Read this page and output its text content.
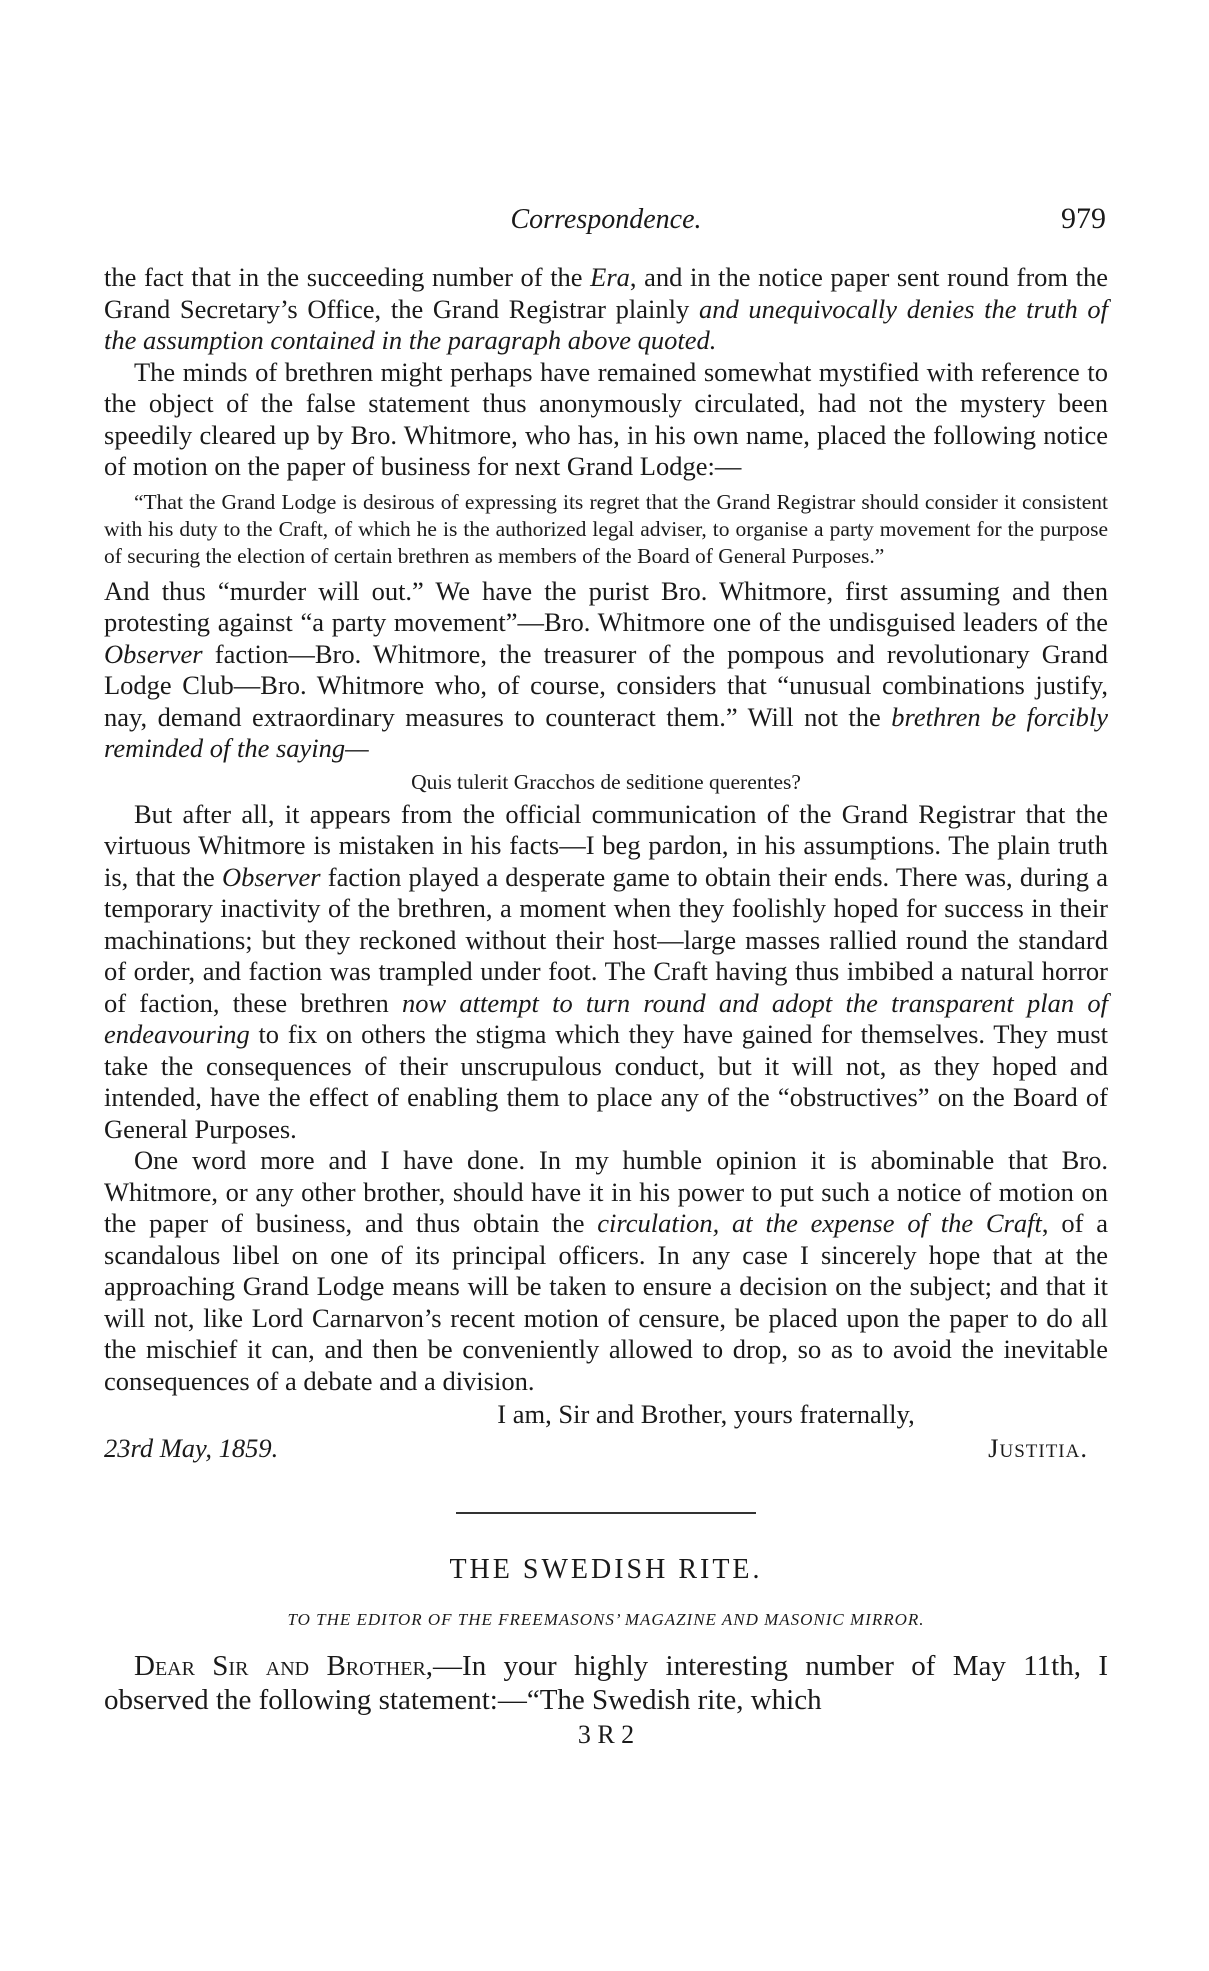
Correspondence.	979

the fact that in the succeeding number of the Era, and in the notice paper sent round from the Grand Secretary’s Office, the Grand Registrar plainly and unequivocally denies the truth of the assumption contained in the paragraph above quoted.

The minds of brethren might perhaps have remained somewhat mystified with reference to the object of the false statement thus anonymously circulated, had not the mystery been speedily cleared up by Bro. Whitmore, who has, in his own name, placed the following notice of motion on the paper of business for next Grand Lodge:—

“That the Grand Lodge is desirous of expressing its regret that the Grand Registrar should consider it consistent with his duty to the Craft, of which he is the authorized legal adviser, to organise a party movement for the purpose of securing the election of certain brethren as members of the Board of General Purposes.”

And thus “murder will out.” We have the purist Bro. Whitmore, first assuming and then protesting against “a party movement”—Bro. Whitmore one of the undisguised leaders of the Observer faction—Bro. Whitmore, the treasurer of the pompous and revolutionary Grand Lodge Club—Bro. Whitmore who, of course, considers that “unusual combinations justify, nay, demand extraordinary measures to counteract them.” Will not the brethren be forcibly reminded of the saying—

Quis tulerit Gracchos de seditione querentes?

But after all, it appears from the official communication of the Grand Registrar that the virtuous Whitmore is mistaken in his facts—I beg pardon, in his assumptions. The plain truth is, that the Observer faction played a desperate game to obtain their ends. There was, during a temporary inactivity of the brethren, a moment when they foolishly hoped for success in their machinations; but they reckoned without their host—large masses rallied round the standard of order, and faction was trampled under foot. The Craft having thus imbibed a natural horror of faction, these brethren now attempt to turn round and adopt the transparent plan of endeavouring to fix on others the stigma which they have gained for themselves. They must take the consequences of their unscrupulous conduct, but it will not, as they hoped and intended, have the effect of enabling them to place any of the “obstructives” on the Board of General Purposes.

One word more and I have done. In my humble opinion it is abominable that Bro. Whitmore, or any other brother, should have it in his power to put such a notice of motion on the paper of business, and thus obtain the circulation, at the expense of the Craft, of a scandalous libel on one of its principal officers. In any case I sincerely hope that at the approaching Grand Lodge means will be taken to ensure a decision on the subject; and that it will not, like Lord Carnarvon’s recent motion of censure, be placed upon the paper to do all the mischief it can, and then be conveniently allowed to drop, so as to avoid the inevitable consequences of a debate and a division.

I am, Sir and Brother, yours fraternally,

23rd May, 1859.	Justitia.
THE SWEDISH RITE.
TO THE EDITOR OF THE FREEMASONS’ MAGAZINE AND MASONIC MIRROR.

Dear Sir and Brother,—In your highly interesting number of May 11th, I observed the following statement:—“The Swedish rite, which

3 R 2
